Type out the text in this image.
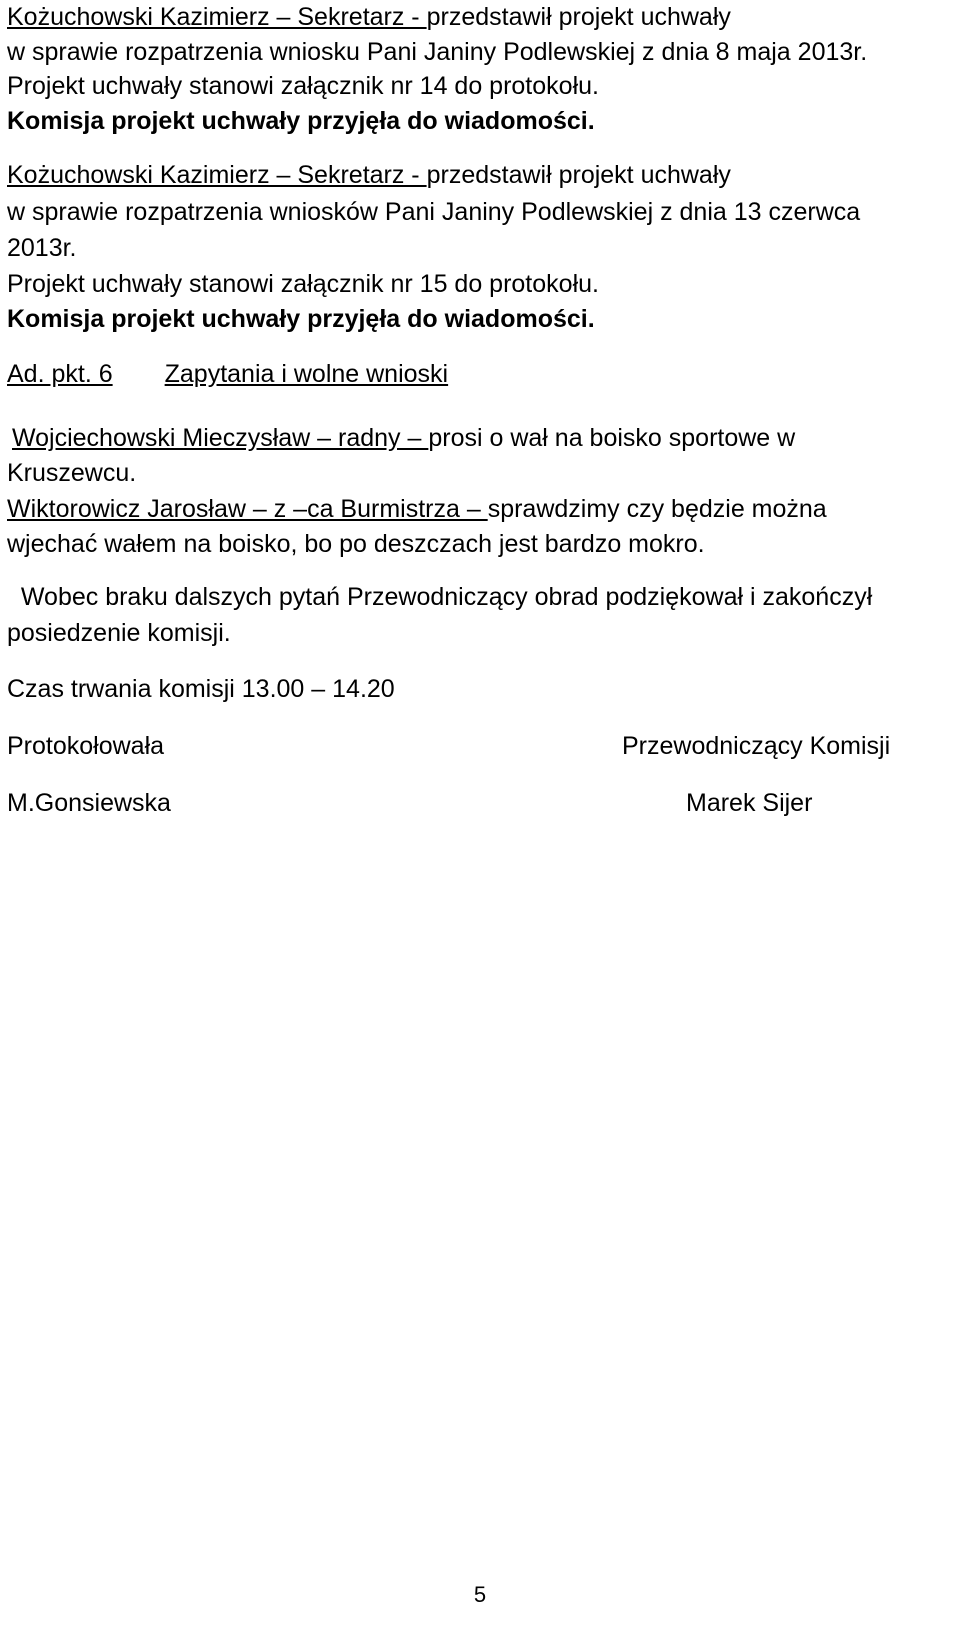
Kożuchowski Kazimierz – Sekretarz - przedstawił projekt uchwały
w sprawie rozpatrzenia wniosku Pani Janiny Podlewskiej z dnia 8 maja 2013r.
Projekt uchwały stanowi załącznik nr 14 do protokołu.
Komisja projekt uchwały przyjęła do wiadomości.
Kożuchowski Kazimierz – Sekretarz - przedstawił projekt uchwały
w sprawie rozpatrzenia wniosków Pani Janiny Podlewskiej z dnia 13 czerwca
2013r.
Projekt uchwały stanowi załącznik nr 15 do protokołu.
Komisja projekt uchwały przyjęła do wiadomości.
Ad. pkt. 6 Zapytania i wolne wnioski
Wojciechowski Mieczysław – radny – prosi o wał na boisko sportowe w
Kruszewcu.
Wiktorowicz Jarosław – z –ca Burmistrza – sprawdzimy czy będzie można
wjechać wałem na boisko, bo po deszczach jest bardzo mokro.
Wobec braku dalszych pytań Przewodniczący obrad podziękował i zakończył
posiedzenie komisji.
Czas trwania komisji 13.00 – 14.20
Protokołowała	Przewodniczący Komisji
M.Gonsiewska	Marek Sijer
5
